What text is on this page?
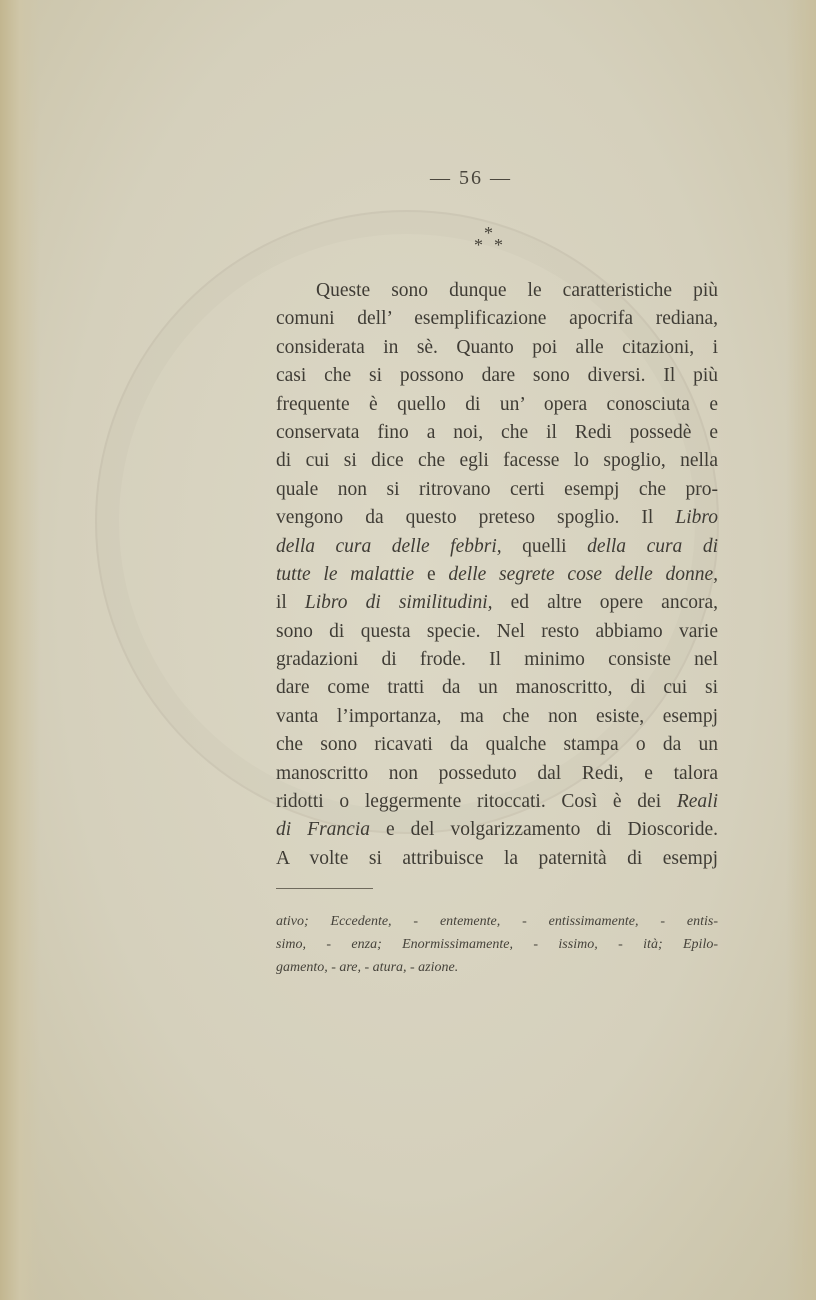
— 56 —
*
* *
Queste sono dunque le caratteristiche più
comuni dell’ esemplificazione apocrifa rediana,
considerata in sè. Quanto poi alle citazioni, i
casi che si possono dare sono diversi. Il più
frequente è quello di un’ opera conosciuta e
conservata fino a noi, che il Redi possedè e
di cui si dice che egli facesse lo spoglio, nella
quale non si ritrovano certi esempj che pro-
vengono da questo preteso spoglio. Il Libro
della cura delle febbri, quelli della cura di
tutte le malattie e delle segrete cose delle donne,
il Libro di similitudini, ed altre opere ancora,
sono di questa specie. Nel resto abbiamo varie
gradazioni di frode. Il minimo consiste nel
dare come tratti da un manoscritto, di cui si
vanta l’importanza, ma che non esiste, esempj
che sono ricavati da qualche stampa o da un
manoscritto non posseduto dal Redi, e talora
ridotti o leggermente ritoccati. Così è dei Reali
di Francia e del volgarizzamento di Dioscoride.
A volte si attribuisce la paternità di esempj
ativo; Eccedente, - entemente, - entissimamente, - entis-
simo, - enza; Enormissimamente, - issimo, - ità; Epilo-
gamento, - are, - atura, - azione.
